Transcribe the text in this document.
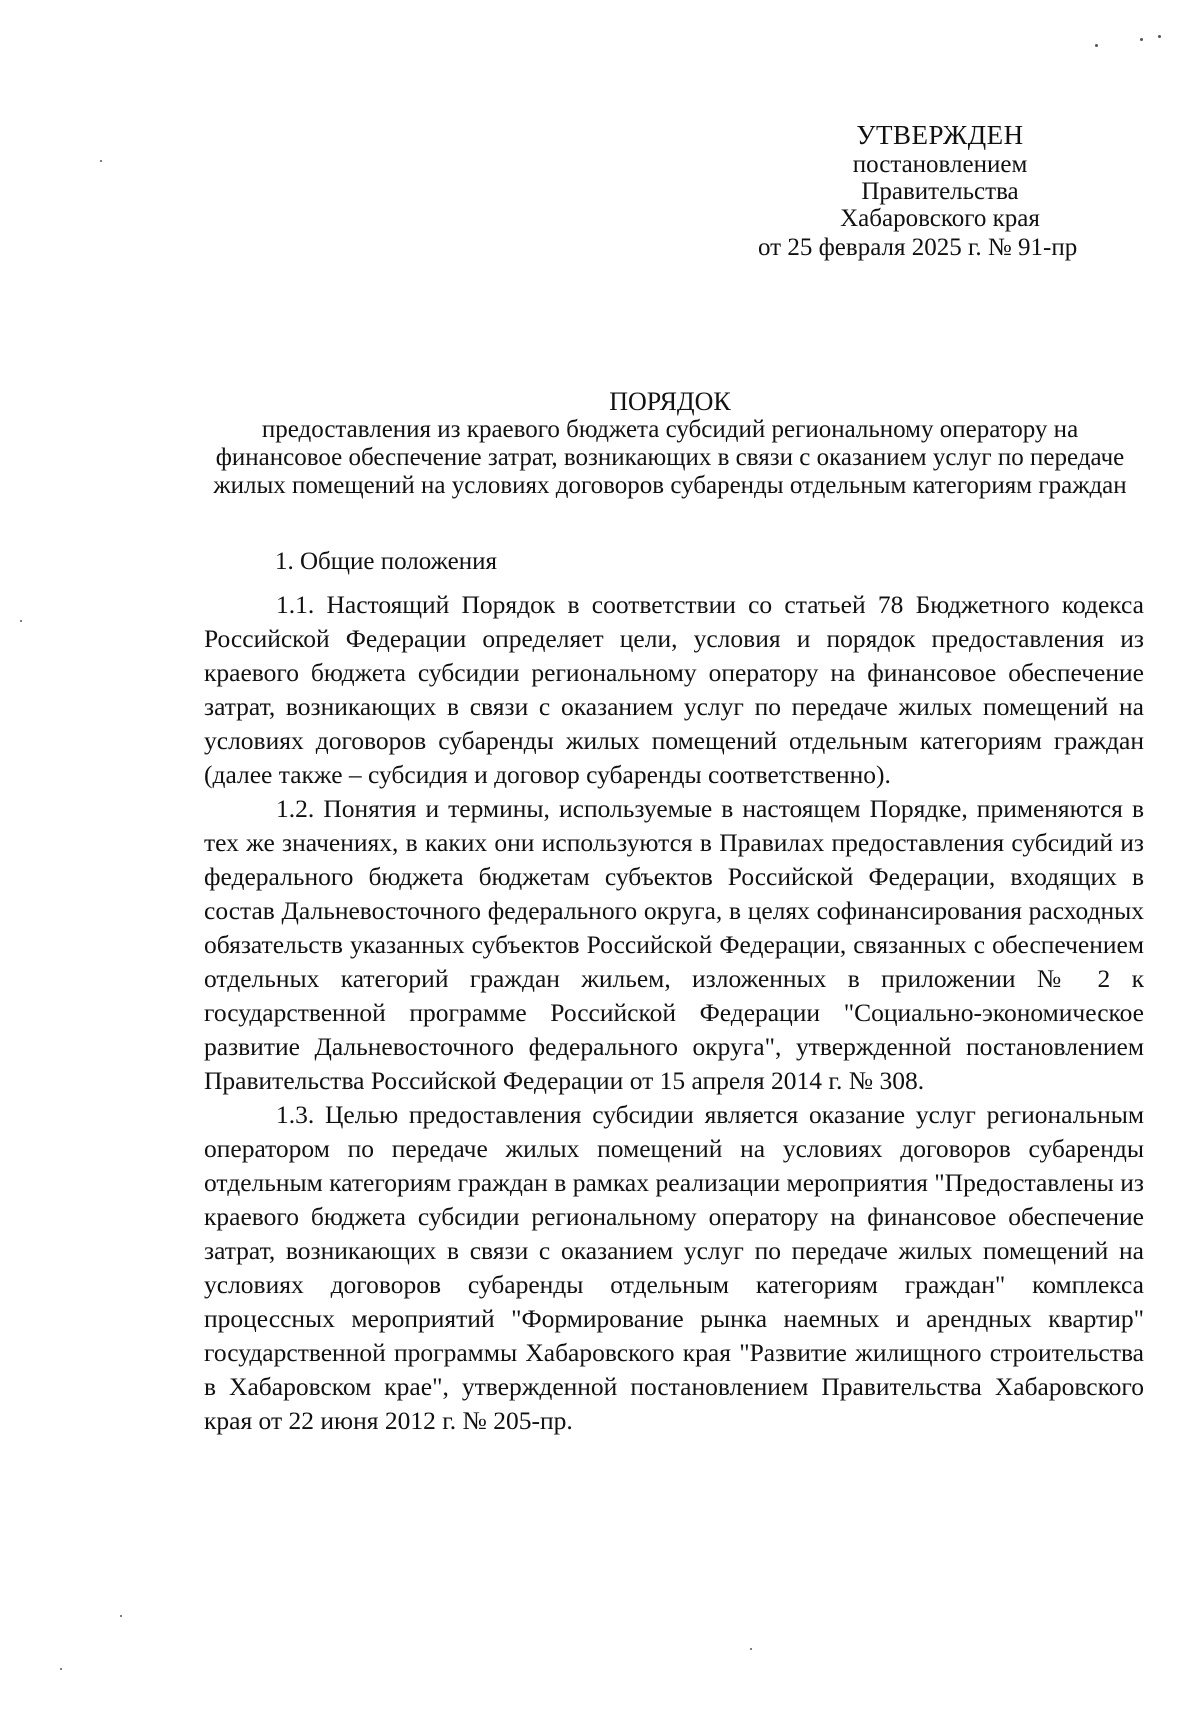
УТВЕРЖДЕН
постановлением
Правительства
Хабаровского края
от 25 февраля 2025 г. № 91-пр
ПОРЯДОК
предоставления из краевого бюджета субсидий региональному оператору на финансовое обеспечение затрат, возникающих в связи с оказанием услуг по передаче жилых помещений на условиях договоров субаренды отдельным категориям граждан
1. Общие положения

1.1. Настоящий Порядок в соответствии со статьей 78 Бюджетного кодекса Российской Федерации определяет цели, условия и порядок предоставления из краевого бюджета субсидии региональному оператору на финансовое обеспечение затрат, возникающих в связи с оказанием услуг по передаче жилых помещений на условиях договоров субаренды жилых помещений отдельным категориям граждан (далее также – субсидия и договор субаренды соответственно).

1.2. Понятия и термины, используемые в настоящем Порядке, применяются в тех же значениях, в каких они используются в Правилах предоставления субсидий из федерального бюджета бюджетам субъектов Российской Федерации, входящих в состав Дальневосточного федерального округа, в целях софинансирования расходных обязательств указанных субъектов Российской Федерации, связанных с обеспечением отдельных категорий граждан жильем, изложенных в приложении № 2 к государственной программе Российской Федерации "Социально-экономическое развитие Дальневосточного федерального округа", утвержденной постановлением Правительства Российской Федерации от 15 апреля 2014 г. № 308.

1.3. Целью предоставления субсидии является оказание услуг региональным оператором по передаче жилых помещений на условиях договоров субаренды отдельным категориям граждан в рамках реализации мероприятия "Предоставлены из краевого бюджета субсидии региональному оператору на финансовое обеспечение затрат, возникающих в связи с оказанием услуг по передаче жилых помещений на условиях договоров субаренды отдельным категориям граждан" комплекса процессных мероприятий "Формирование рынка наемных и арендных квартир" государственной программы Хабаровского края "Развитие жилищного строительства в Хабаровском крае", утвержденной постановлением Правительства Хабаровского края от 22 июня 2012 г. № 205-пр.
